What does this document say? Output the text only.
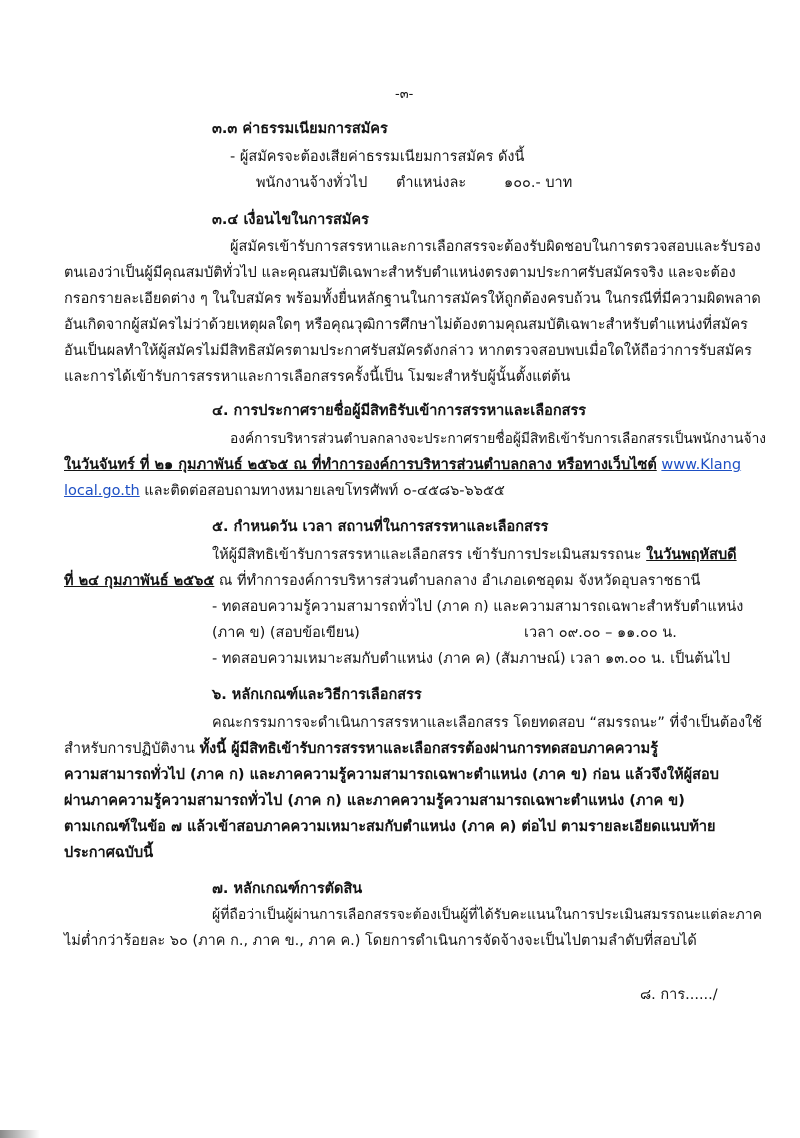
-๓-
๓.๓ ค่าธรรมเนียมการสมัคร
- ผู้สมัครจะต้องเสียค่าธรรมเนียมการสมัคร ดังนี้
พนักงานจ้างทั่วไป ตำแหน่งละ	๑๐๐.- บาท
๓.๔ เงื่อนไขในการสมัคร
ผู้สมัครเข้ารับการสรรหาและการเลือกสรรจะต้องรับผิดชอบในการตรวจสอบและรับรอง
ตนเองว่าเป็นผู้มีคุณสมบัติทั่วไป และคุณสมบัติเฉพาะสำหรับตำแหน่งตรงตามประกาศรับสมัครจริง และจะต้อง
กรอกรายละเอียดต่าง ๆ ในใบสมัคร พร้อมทั้งยื่นหลักฐานในการสมัครให้ถูกต้องครบถ้วน ในกรณีที่มีความผิดพลาด
อันเกิดจากผู้สมัครไม่ว่าด้วยเหตุผลใดๆ หรือคุณวุฒิการศึกษาไม่ต้องตามคุณสมบัติเฉพาะสำหรับตำแหน่งที่สมัคร
อันเป็นผลทำให้ผู้สมัครไม่มีสิทธิสมัครตามประกาศรับสมัครดังกล่าว หากตรวจสอบพบเมื่อใดให้ถือว่าการรับสมัคร
และการได้เข้ารับการสรรหาและการเลือกสรรครั้งนี้เป็น โมฆะสำหรับผู้นั้นตั้งแต่ต้น
๔. การประกาศรายชื่อผู้มีสิทธิรับเข้าการสรรหาและเลือกสรร
องค์การบริหารส่วนตำบลกลางจะประกาศรายชื่อผู้มีสิทธิเข้ารับการเลือกสรรเป็นพนักงานจ้าง
ในวันจันทร์ ที่ ๒๑ กุมภาพันธ์ ๒๕๖๕ ณ ที่ทำการองค์การบริหารส่วนตำบลกลาง หรือทางเว็บไซต์ www.Klang
local.go.th และติดต่อสอบถามทางหมายเลขโทรศัพท์ ๐-๔๕๘๖-๖๖๕๕
๕. กำหนดวัน เวลา สถานที่ในการสรรหาและเลือกสรร
ให้ผู้มีสิทธิเข้ารับการสรรหาและเลือกสรร เข้ารับการประเมินสมรรถนะ ในวันพฤหัสบดี
ที่ ๒๔ กุมภาพันธ์ ๒๕๖๕ ณ ที่ทำการองค์การบริหารส่วนตำบลกลาง อำเภอเดชอุดม จังหวัดอุบลราชธานี
- ทดสอบความรู้ความสามารถทั่วไป (ภาค ก) และความสามารถเฉพาะสำหรับตำแหน่ง
(ภาค ข) (สอบข้อเขียน)	เวลา ๐๙.๐๐ – ๑๑.๐๐ น.
- ทดสอบความเหมาะสมกับตำแหน่ง (ภาค ค) (สัมภาษณ์) เวลา ๑๓.๐๐ น. เป็นต้นไป
๖. หลักเกณฑ์และวิธีการเลือกสรร
คณะกรรมการจะดำเนินการสรรหาและเลือกสรร โดยทดสอบ “สมรรถนะ” ที่จำเป็นต้องใช้
สำหรับการปฏิบัติงาน ทั้งนี้ ผู้มีสิทธิเข้ารับการสรรหาและเลือกสรรต้องผ่านการทดสอบภาคความรู้
ความสามารถทั่วไป (ภาค ก) และภาคความรู้ความสามารถเฉพาะตำแหน่ง (ภาค ข) ก่อน แล้วจึงให้ผู้สอบ
ผ่านภาคความรู้ความสามารถทั่วไป (ภาค ก) และภาคความรู้ความสามารถเฉพาะตำแหน่ง (ภาค ข)
ตามเกณฑ์ในข้อ ๗ แล้วเข้าสอบภาคความเหมาะสมกับตำแหน่ง (ภาค ค) ต่อไป ตามรายละเอียดแนบท้าย
ประกาศฉบับนี้
๗. หลักเกณฑ์การตัดสิน
ผู้ที่ถือว่าเป็นผู้ผ่านการเลือกสรรจะต้องเป็นผู้ที่ได้รับคะแนนในการประเมินสมรรถนะแต่ละภาค
ไม่ต่ำกว่าร้อยละ ๖๐ (ภาค ก., ภาค ข., ภาค ค.) โดยการดำเนินการจัดจ้างจะเป็นไปตามลำดับที่สอบได้
๘. การ....../
